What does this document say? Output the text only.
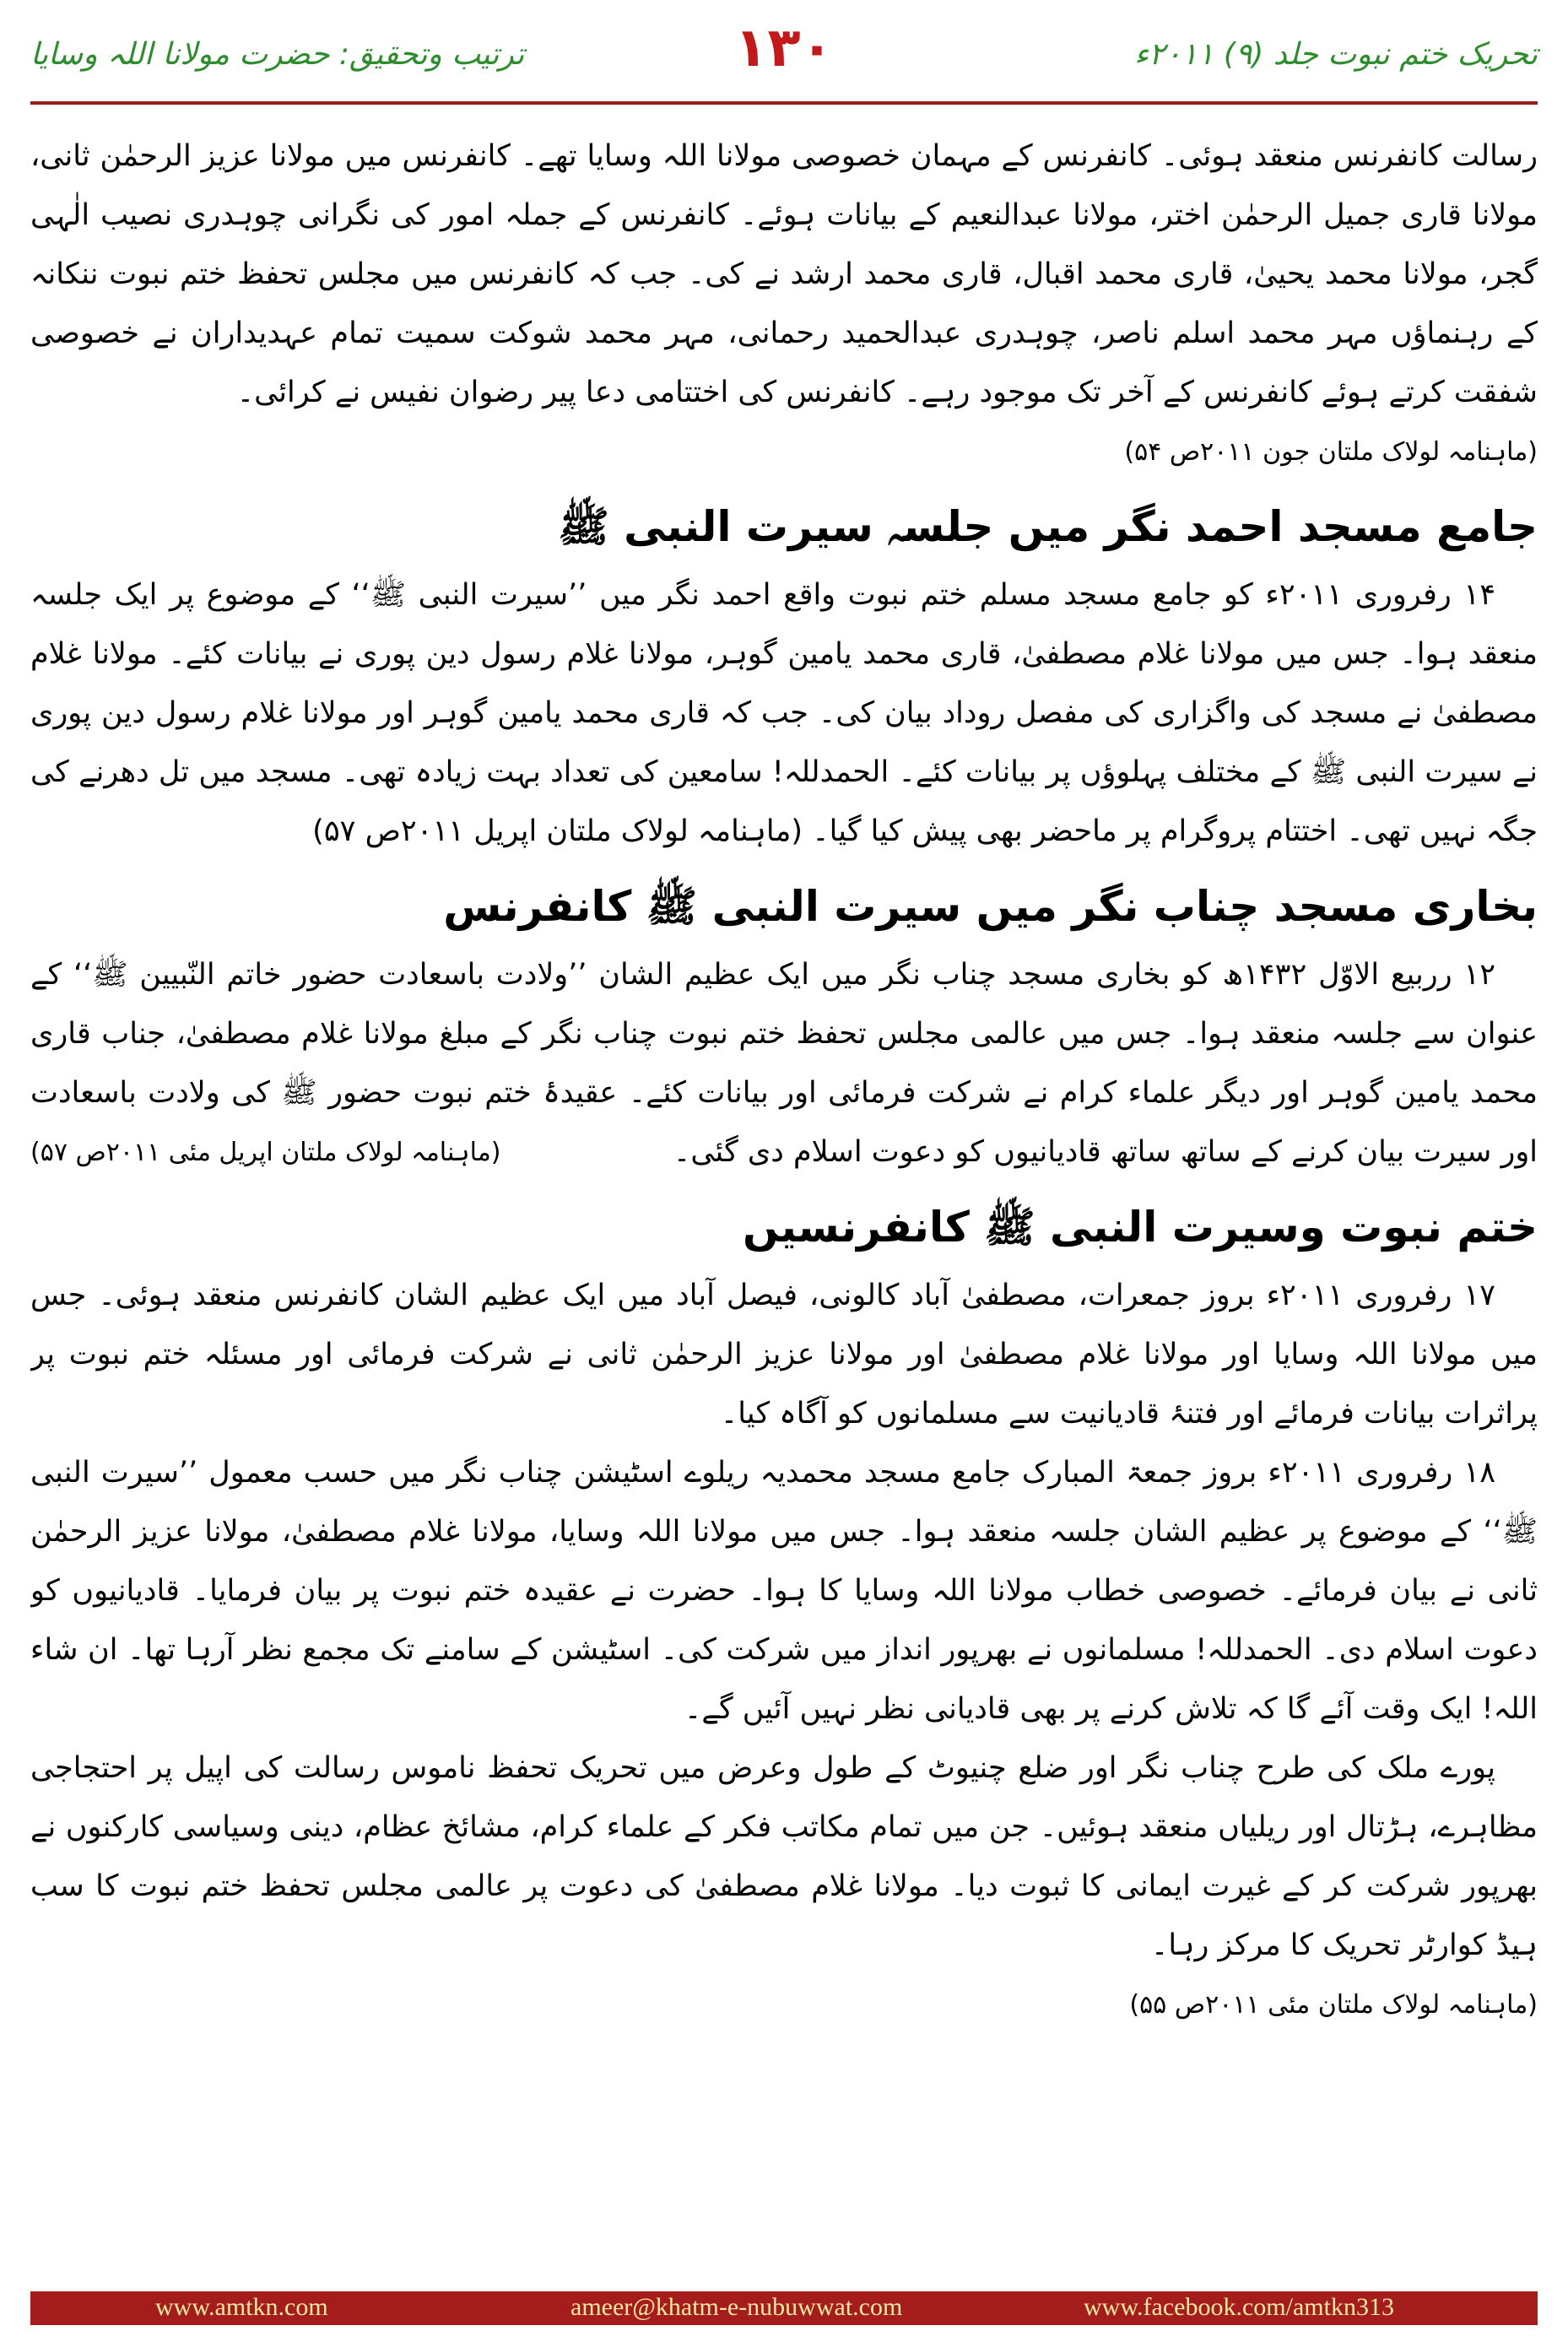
تحریک ختم نبوت جلد (۹) ۲۰۱۱ء
۱۳۰
ترتیب وتحقیق: حضرت مولانا اللہ وسایا

رسالت کانفرنس منعقد ہوئی۔ کانفرنس کے مہمان خصوصی مولانا اللہ وسایا تھے۔ کانفرنس میں مولانا عزیز الرحمٰن ثانی، مولانا قاری جمیل الرحمٰن اختر، مولانا عبدالنعیم کے بیانات ہوئے۔ کانفرنس کے جملہ امور کی نگرانی چوہدری نصیب الٰہی گجر، مولانا محمد یحییٰ، قاری محمد اقبال، قاری محمد ارشد نے کی۔ جب کہ کانفرنس میں مجلس تحفظ ختم نبوت ننکانہ کے رہنماؤں مہر محمد اسلم ناصر، چوہدری عبدالحمید رحمانی، مہر محمد شوکت سمیت تمام عہدیداران نے خصوصی شفقت کرتے ہوئے کانفرنس کے آخر تک موجود رہے۔ کانفرنس کی اختتامی دعا پیر رضوان نفیس نے کرائی۔

(ماہنامہ لولاک ملتان جون ۲۰۱۱ص ۵۴)
جامع مسجد احمد نگر میں جلسہ سیرت النبی ﷺ

۱۴ رفروری ۲۰۱۱ء کو جامع مسجد مسلم ختم نبوت واقع احمد نگر میں ’’سیرت النبی ﷺ‘‘ کے موضوع پر ایک جلسہ منعقد ہوا۔ جس میں مولانا غلام مصطفیٰ، قاری محمد یامین گوہر، مولانا غلام رسول دین پوری نے بیانات کئے۔ مولانا غلام مصطفیٰ نے مسجد کی واگزاری کی مفصل روداد بیان کی۔ جب کہ قاری محمد یامین گوہر اور مولانا غلام رسول دین پوری نے سیرت النبی ﷺ کے مختلف پہلوؤں پر بیانات کئے۔ الحمدللہ! سامعین کی تعداد بہت زیادہ تھی۔ مسجد میں تل دھرنے کی جگہ نہیں تھی۔ اختتام پروگرام پر ماحضر بھی پیش کیا گیا۔ (ماہنامہ لولاک ملتان اپریل ۲۰۱۱ص ۵۷)

بخاری مسجد چناب نگر میں سیرت النبی ﷺ کانفرنس

۱۲ رربیع الاوّل ۱۴۳۲ھ کو بخاری مسجد چناب نگر میں ایک عظیم الشان ’’ولادت باسعادت حضور خاتم النّبیین ﷺ‘‘ کے عنوان سے جلسہ منعقد ہوا۔ جس میں عالمی مجلس تحفظ ختم نبوت چناب نگر کے مبلغ مولانا غلام مصطفیٰ، جناب قاری محمد یامین گوہر اور دیگر علماء کرام نے شرکت فرمائی اور بیانات کئے۔ عقیدۂ ختم نبوت حضور ﷺ کی ولادت باسعادت اور سیرت بیان کرنے کے ساتھ ساتھ قادیانیوں کو دعوت اسلام دی گئی۔

(ماہنامہ لولاک ملتان اپریل مئی ۲۰۱۱ص ۵۷)
ختم نبوت وسیرت النبی ﷺ کانفرنسیں

۱۷ رفروری ۲۰۱۱ء بروز جمعرات، مصطفیٰ آباد کالونی، فیصل آباد میں ایک عظیم الشان کانفرنس منعقد ہوئی۔ جس میں مولانا اللہ وسایا اور مولانا غلام مصطفیٰ اور مولانا عزیز الرحمٰن ثانی نے شرکت فرمائی اور مسئلہ ختم نبوت پر پراثرات بیانات فرمائے اور فتنۂ قادیانیت سے مسلمانوں کو آگاہ کیا۔

۱۸ رفروری ۲۰۱۱ء بروز جمعۃ المبارک جامع مسجد محمدیہ ریلوے اسٹیشن چناب نگر میں حسب معمول ’’سیرت النبی ﷺ‘‘ کے موضوع پر عظیم الشان جلسہ منعقد ہوا۔ جس میں مولانا اللہ وسایا، مولانا غلام مصطفیٰ، مولانا عزیز الرحمٰن ثانی نے بیان فرمائے۔ خصوصی خطاب مولانا اللہ وسایا کا ہوا۔ حضرت نے عقیدہ ختم نبوت پر بیان فرمایا۔ قادیانیوں کو دعوت اسلام دی۔ الحمدللہ! مسلمانوں نے بھرپور انداز میں شرکت کی۔ اسٹیشن کے سامنے تک مجمع نظر آرہا تھا۔ ان شاء اللہ! ایک وقت آئے گا کہ تلاش کرنے پر بھی قادیانی نظر نہیں آئیں گے۔

پورے ملک کی طرح چناب نگر اور ضلع چنیوٹ کے طول وعرض میں تحریک تحفظ ناموس رسالت کی اپیل پر احتجاجی مظاہرے، ہڑتال اور ریلیاں منعقد ہوئیں۔ جن میں تمام مکاتب فکر کے علماء کرام، مشائخ عظام، دینی وسیاسی کارکنوں نے بھرپور شرکت کر کے غیرت ایمانی کا ثبوت دیا۔ مولانا غلام مصطفیٰ کی دعوت پر عالمی مجلس تحفظ ختم نبوت کا سب ہیڈ کوارٹر تحریک کا مرکز رہا۔

(ماہنامہ لولاک ملتان مئی ۲۰۱۱ص ۵۵)
www.amtkn.com	ameer@khatm-e-nubuwwat.com	www.facebook.com/amtkn313
